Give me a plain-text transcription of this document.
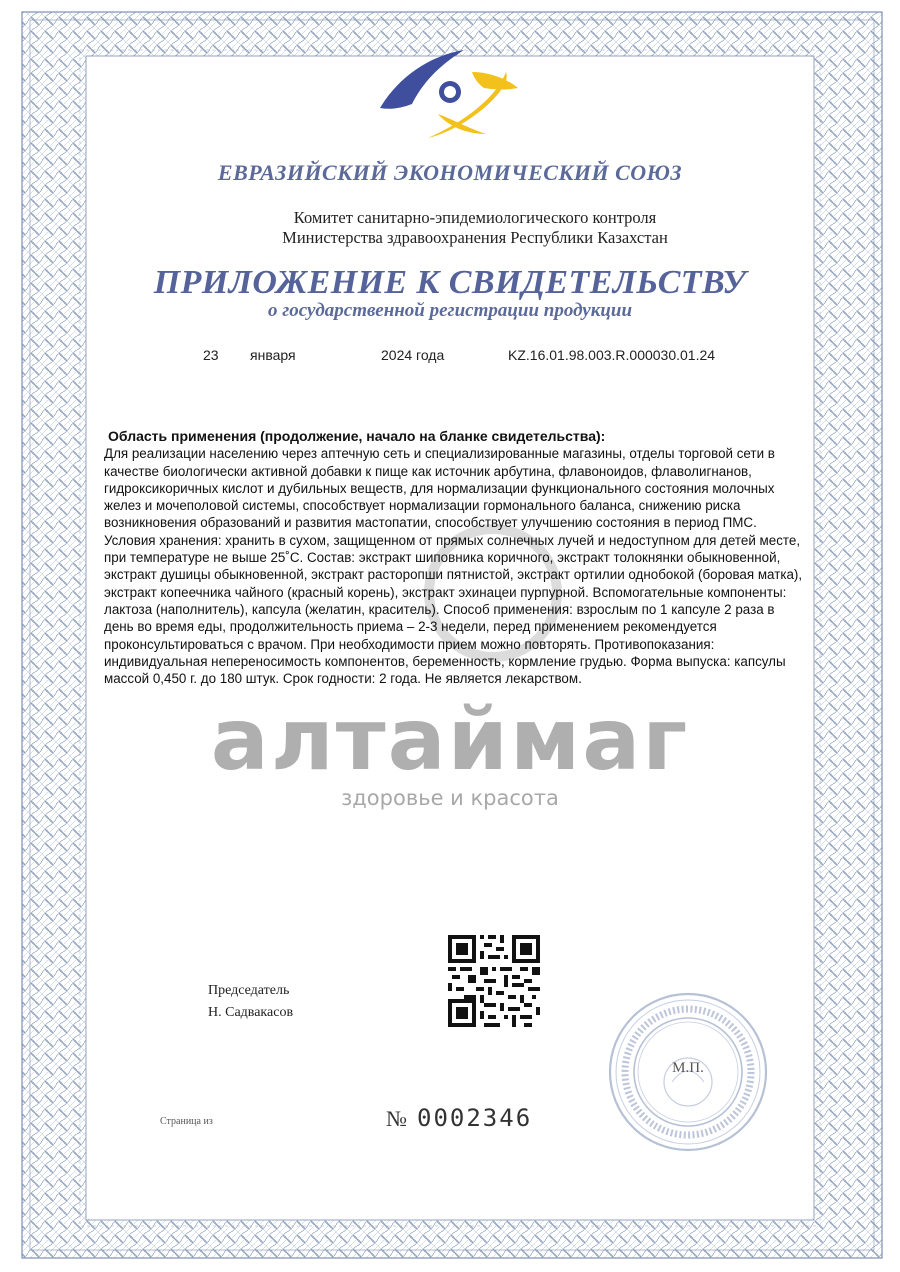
ЕВРАЗИЙСКИЙ ЭКОНОМИЧЕСКИЙ СОЮЗ
Комитет санитарно-эпидемиологического контроля
Министерства здравоохранения Республики Казахстан
ПРИЛОЖЕНИЕ К СВИДЕТЕЛЬСТВУ
о государственной регистрации продукции
23 января	2024 года	KZ.16.01.98.003.R.000030.01.24
алтаймаг
здоровье и красота
Область применения (продолжение, начало на бланке свидетельства):
Для реализации населению через аптечную сеть и специализированные магазины, отделы торговой сети в качестве биологически активной добавки к пище как источник арбутина, флавоноидов, флаволигнанов, гидроксикоричных кислот и дубильных веществ, для нормализации функционального состояния молочных желез и мочеполовой системы, способствует нормализации гормонального баланса, снижению риска возникновения образований и развития мастопатии, способствует улучшению состояния в период ПМС. Условия хранения: хранить в сухом, защищенном от прямых солнечных лучей и недоступном для детей месте, при температуре не выше 25˚С. Состав: экстракт шиповника коричного, экстракт толокнянки обыкновенной, экстракт душицы обыкновенной, экстракт расторопши пятнистой, экстракт ортилии однобокой (боровая матка), экстракт копеечника чайного (красный корень), экстракт эхинацеи пурпурной. Вспомогательные компоненты: лактоза (наполнитель), капсула (желатин, краситель). Способ применения: взрослым по 1 капсуле 2 раза в день во время еды, продолжительность приема – 2-3 недели, перед применением рекомендуется проконсультироваться с врачом. При необходимости прием можно повторять. Противопоказания: индивидуальная непереносимость компонентов, беременность, кормление грудью. Форма выпуска: капсулы массой 0,450 г. до 180 штук. Срок годности: 2 года. Не является лекарством.
Председатель
Н. Садвакасов
М.П.
Страница из	№ 0002346
